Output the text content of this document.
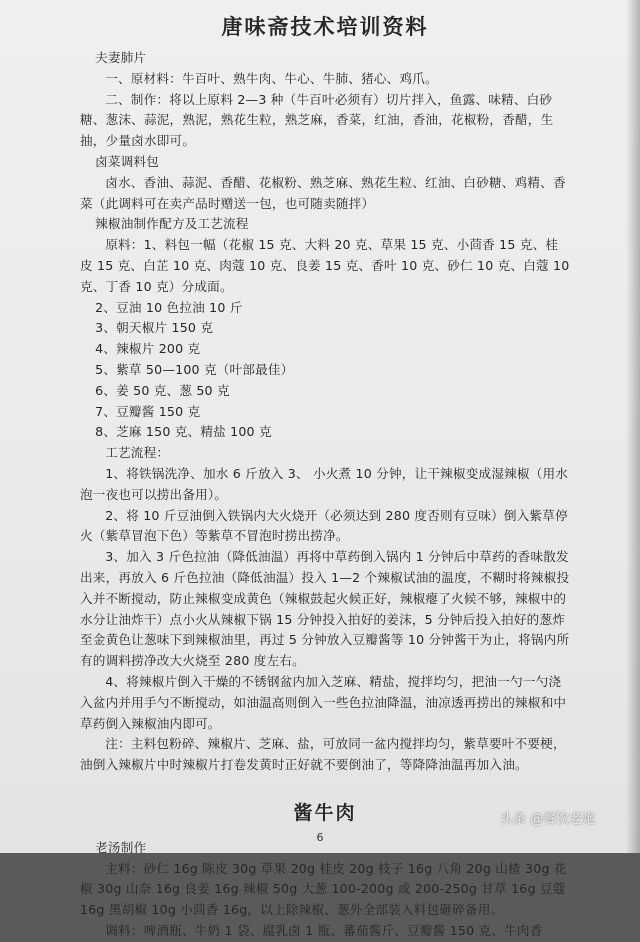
唐味斋技术培训资料
夫妻肺片
一、原材料：牛百叶、熟牛肉、牛心、牛肺、猪心、鸡爪。
二、制作：将以上原料 2—3 种（牛百叶必须有）切片拌入，鱼露、味精、白砂糖、葱沫、蒜泥，熟泥，熟花生粒，熟芝麻，香菜，红油，香油，花椒粉，香醋，生抽，少量卤水即可。
卤菜调料包
卤水、香油、蒜泥、香醋、花椒粉、熟芝麻、熟花生粒、红油、白砂糖、鸡精、香菜（此调料可在卖产品时赠送一包，也可随卖随拌）
辣椒油制作配方及工艺流程
原料：1、料包一幅（花椒 15 克、大料 20 克、草果 15 克、小茴香 15 克、桂皮 15 克、白芷 10 克、肉蔻 10 克、良姜 15 克、香叶 10 克、砂仁 10 克、白蔻 10 克、丁香 10 克）分成面。
2、豆油 10 色拉油 10 斤
3、朝天椒片 150 克
4、辣椒片 200 克
5、紫草 50—100 克（叶部最佳）
6、姜 50 克、葱 50 克
7、豆瓣酱 150 克
8、芝麻 150 克、精盐 100 克
工艺流程：
1、将铁锅洗净、加水 6 斤放入 3、 小火煮 10 分钟，让干辣椒变成湿辣椒（用水泡一夜也可以捞出备用）。
2、将 10 斤豆油倒入铁锅内大火烧开（必须达到 280 度否则有豆味）倒入紫草停火（紫草冒泡下色）等紫草不冒泡时捞出捞净。
3、加入 3 斤色拉油（降低油温）再将中草药倒入锅内 1 分钟后中草药的香味散发出来，再放入 6 斤色拉油（降低油温）投入 1—2 个辣椒试油的温度，不糊时将辣椒投入并不断搅动，防止辣椒变成黄色（辣椒鼓起火候正好，辣椒瘪了火候不够，辣椒中的水分让油炸干）点小火从辣椒下锅 15 分钟投入拍好的姜沫，5 分钟后投入拍好的葱炸至金黄色让葱味下到辣椒油里，再过 5 分钟放入豆瓣酱等 10 分钟酱干为止，将锅内所有的调料捞净改大火烧至 280 度左右。
4、将辣椒片倒入干燥的不锈钢盆内加入芝麻、精盐，搅拌均匀，把油一勺一勺浇入盆内并用手勺不断搅动，如油温高则倒入一些色拉油降温，油凉透再捞出的辣椒和中草药倒入辣椒油内即可。
注：主料包粉碎、辣椒片、芝麻、盐，可放同一盆内搅拌均匀，紫草要叶不要梗，油倒入辣椒片中时辣椒片打卷发黄时正好就不要倒油了，等降降油温再加入油。
酱牛肉
老汤制作
主料：砂仁 16g 陈皮 30g 草果 20g 桂皮 20g 枝子 16g 八角 20g 山楂 30g 花椒 30g 山奈 16g 良姜 16g 辣椒 50g 大葱 100-200g 或 200-250g 甘草 16g 豆蔻 16g 黑胡椒 10g 小茴香 16g，以上除辣椒、葱外全部装入料包砸碎备用。
调料：啤酒瓶、牛奶 1 袋、腐乳卤 1 瓶、蕃茄酱斤、豆瓣酱 150 克、牛肉香
6
头条 @餐饮老炮
